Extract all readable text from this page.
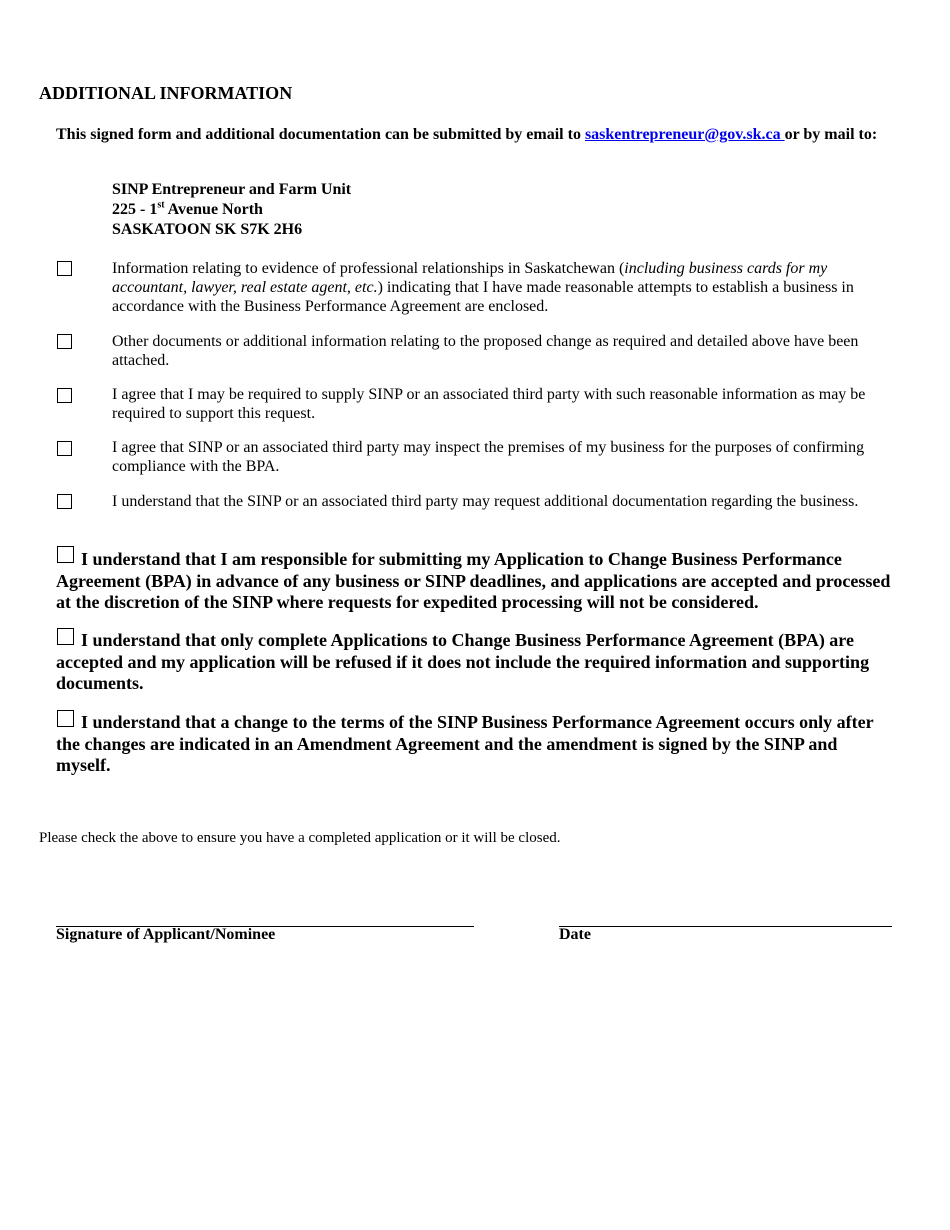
ADDITIONAL INFORMATION
This signed form and additional documentation can be submitted by email to saskentrepreneur@gov.sk.ca or by mail to:
SINP Entrepreneur and Farm Unit
225 - 1st Avenue North
SASKATOON SK S7K 2H6
Information relating to evidence of professional relationships in Saskatchewan (including business cards for my accountant, lawyer, real estate agent, etc.) indicating that I have made reasonable attempts to establish a business in accordance with the Business Performance Agreement are enclosed.
Other documents or additional information relating to the proposed change as required and detailed above have been attached.
I agree that I may be required to supply SINP or an associated third party with such reasonable information as may be required to support this request.
I agree that SINP or an associated third party may inspect the premises of my business for the purposes of confirming compliance with the BPA.
I understand that the SINP or an associated third party may request additional documentation regarding the business.
I understand that I am responsible for submitting my Application to Change Business Performance Agreement (BPA) in advance of any business or SINP deadlines, and applications are accepted and processed at the discretion of the SINP where requests for expedited processing will not be considered.
I understand that only complete Applications to Change Business Performance Agreement (BPA) are accepted and my application will be refused if it does not include the required information and supporting documents.
I understand that a change to the terms of the SINP Business Performance Agreement occurs only after the changes are indicated in an Amendment Agreement and the amendment is signed by the SINP and myself.
Please check the above to ensure you have a completed application or it will be closed.
Signature of Applicant/Nominee	Date
